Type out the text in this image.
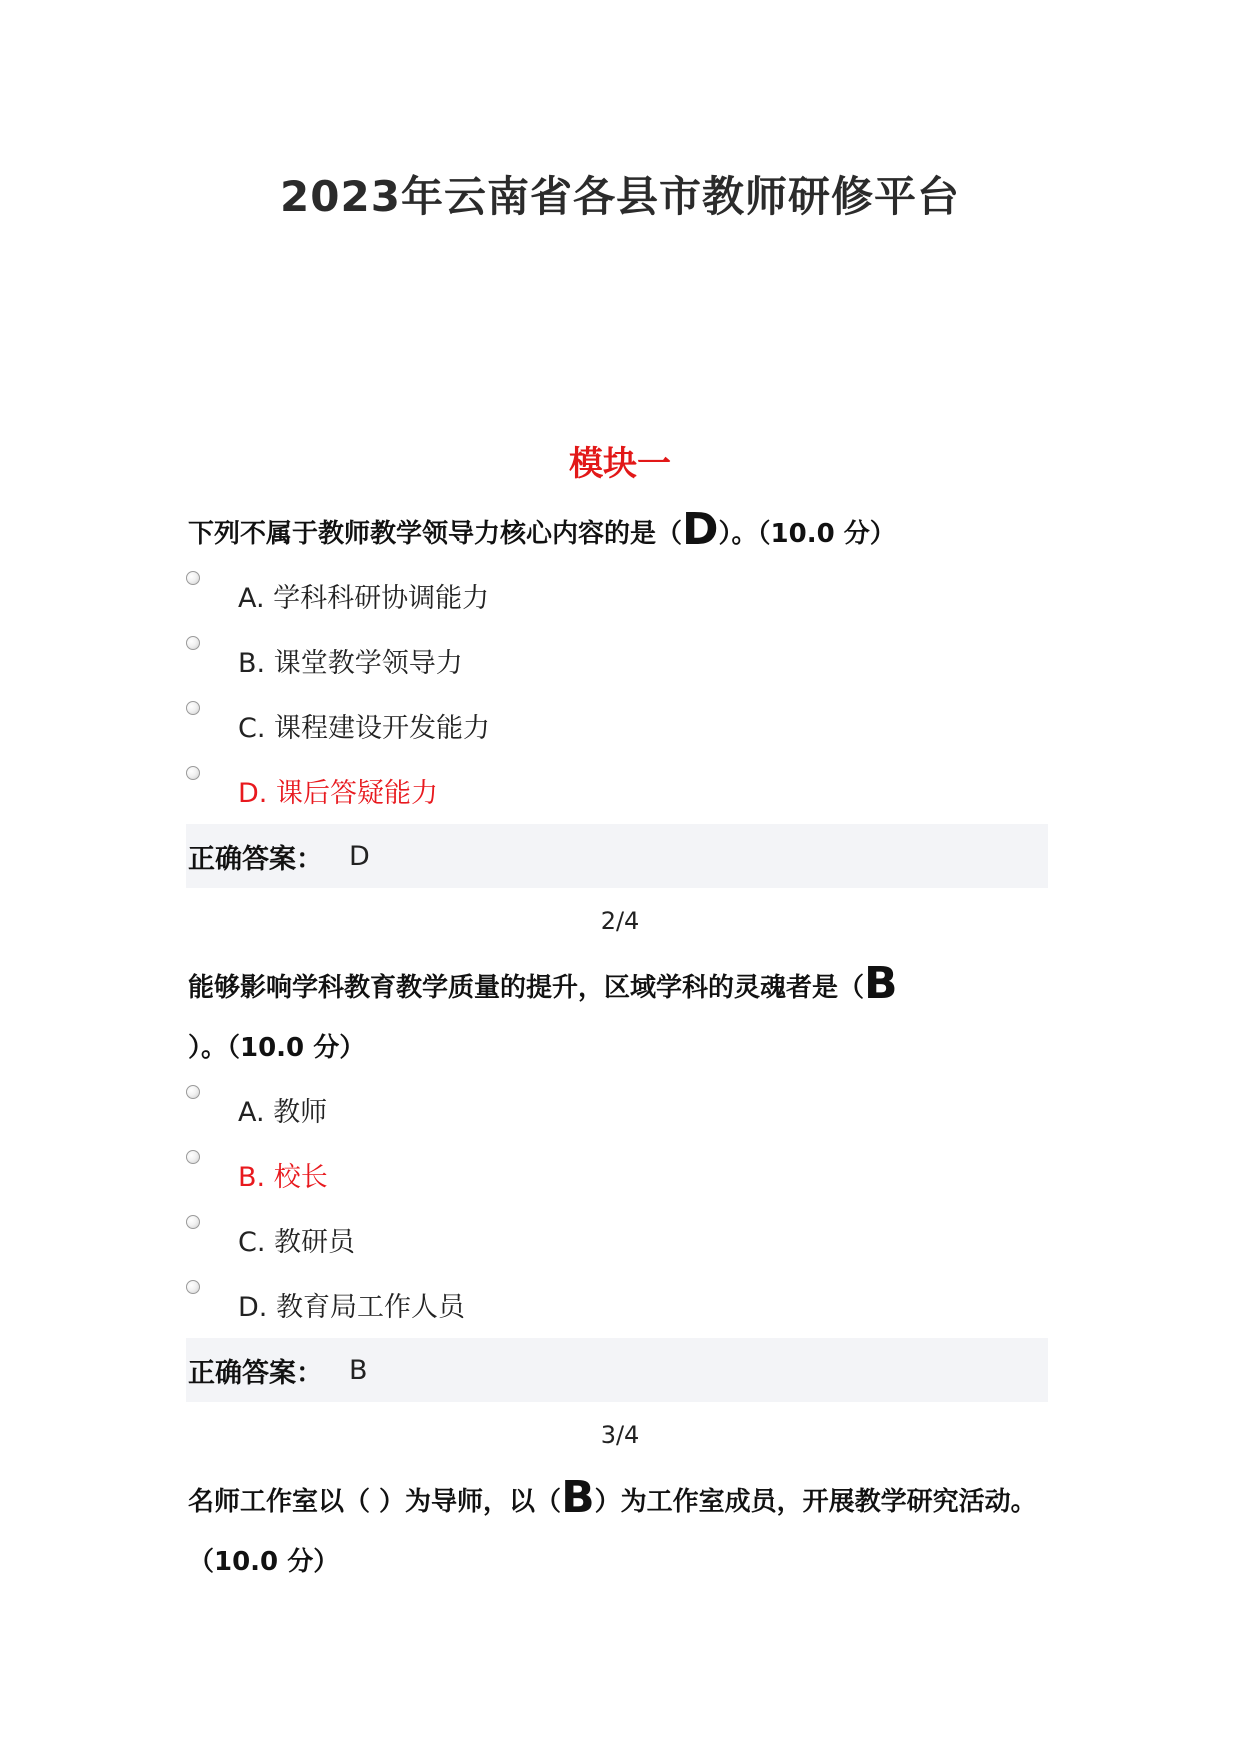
2023年云南省各县市教师研修平台
模块一

下列不属于教师教学领导力核心内容的是（D）。（10.0 分）

A. 学科科研协调能力
B. 课堂教学领导力
C. 课程建设开发能力
D. 课后答疑能力
正确答案： D
2/4

能够影响学科教育教学质量的提升，区域学科的灵魂者是（B
）。（10.0 分）

A. 教师
B. 校长
C. 教研员
D. 教育局工作人员
正确答案： B
3/4

名师工作室以（ ）为导师，以（B）为工作室成员，开展教学研究活动。（10.0 分）
